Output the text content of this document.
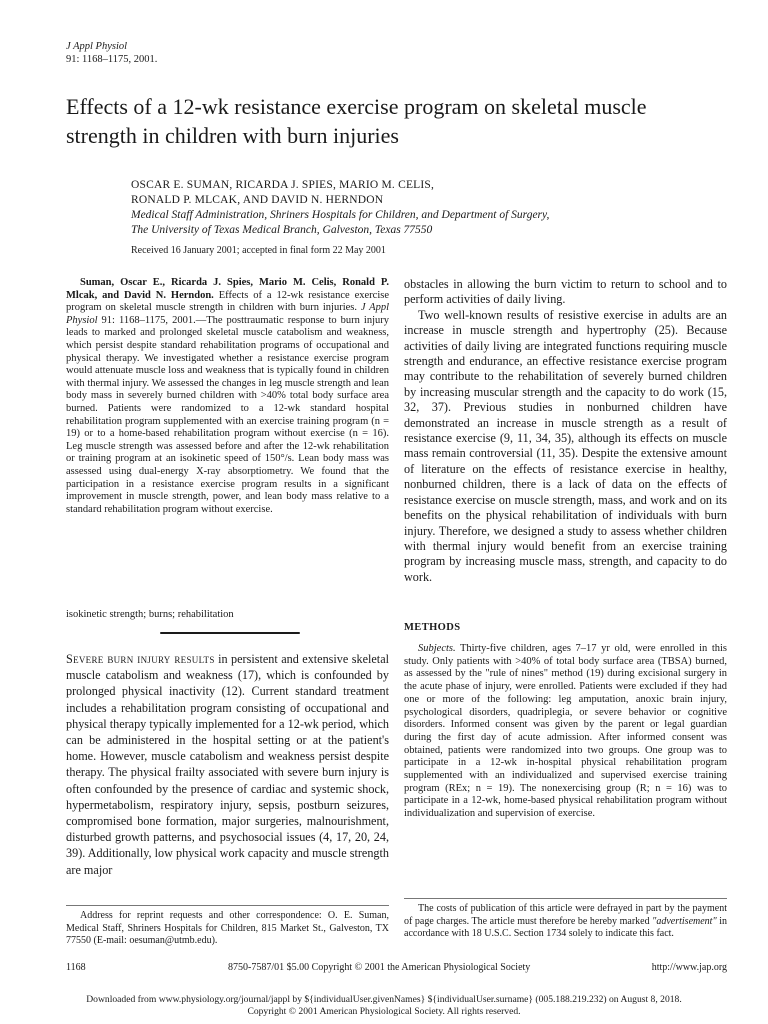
J Appl Physiol
91: 1168–1175, 2001.
Effects of a 12-wk resistance exercise program on skeletal muscle strength in children with burn injuries
OSCAR E. SUMAN, RICARDA J. SPIES, MARIO M. CELIS,
RONALD P. MLCAK, AND DAVID N. HERNDON
Medical Staff Administration, Shriners Hospitals for Children, and Department of Surgery,
The University of Texas Medical Branch, Galveston, Texas 77550
Received 16 January 2001; accepted in final form 22 May 2001

Suman, Oscar E., Ricarda J. Spies, Mario M. Celis, Ronald P. Mlcak, and David N. Herndon. Effects of a 12-wk resistance exercise program on skeletal muscle strength in children with burn injuries. J Appl Physiol 91: 1168–1175, 2001.—The posttraumatic response to burn injury leads to marked and prolonged skeletal muscle catabolism and weakness, which persist despite standard rehabilitation programs of occupational and physical therapy. We investigated whether a resistance exercise program would attenuate muscle loss and weakness that is typically found in children with thermal injury. We assessed the changes in leg muscle strength and lean body mass in severely burned children with >40% total body surface area burned. Patients were randomized to a 12-wk standard hospital rehabilitation program supplemented with an exercise training program (n = 19) or to a home-based rehabilitation program without exercise (n = 16). Leg muscle strength was assessed before and after the 12-wk rehabilitation or training program at an isokinetic speed of 150°/s. Lean body mass was assessed using dual-energy X-ray absorptiometry. We found that the participation in a resistance exercise program results in a significant improvement in muscle strength, power, and lean body mass relative to a standard rehabilitation program without exercise.

isokinetic strength; burns; rehabilitation

Severe burn injury results in persistent and extensive skeletal muscle catabolism and weakness (17), which is confounded by prolonged physical inactivity (12). Current standard treatment includes a rehabilitation program consisting of occupational and physical therapy typically implemented for a 12-wk period, which can be administered in the hospital setting or at the patient's home. However, muscle catabolism and weakness persist despite therapy. The physical frailty associated with severe burn injury is often confounded by the presence of cardiac and systemic shock, hypermetabolism, respiratory injury, sepsis, postburn seizures, compromised bone formation, major surgeries, malnourishment, disturbed growth patterns, and psychosocial issues (4, 17, 20, 24, 39). Additionally, low physical work capacity and muscle strength are major

Address for reprint requests and other correspondence: O. E. Suman, Medical Staff, Shriners Hospitals for Children, 815 Market St., Galveston, TX 77550 (E-mail: oesuman@utmb.edu).

obstacles in allowing the burn victim to return to school and to perform activities of daily living.

Two well-known results of resistive exercise in adults are an increase in muscle strength and hypertrophy (25). Because activities of daily living are integrated functions requiring muscle strength and endurance, an effective resistance exercise program may contribute to the rehabilitation of severely burned children by increasing muscular strength and the capacity to do work (15, 32, 37). Previous studies in nonburned children have demonstrated an increase in muscle strength as a result of resistance exercise (9, 11, 34, 35), although its effects on muscle mass remain controversial (11, 35). Despite the extensive amount of literature on the effects of resistance exercise in healthy, nonburned children, there is a lack of data on the effects of resistance exercise on muscle strength, mass, and work and on its benefits on the physical rehabilitation of individuals with burn injury. Therefore, we designed a study to assess whether children with thermal injury would benefit from an exercise training program by increasing muscle mass, strength, and capacity to do work.

METHODS

Subjects. Thirty-five children, ages 7–17 yr old, were enrolled in this study. Only patients with >40% of total body surface area (TBSA) burned, as assessed by the "rule of nines" method (19) during excisional surgery in the acute phase of injury, were enrolled. Patients were excluded if they had one or more of the following: leg amputation, anoxic brain injury, psychological disorders, quadriplegia, or severe behavior or cognitive disorders. Informed consent was given by the parent or legal guardian during the first day of acute admission. After informed consent was obtained, patients were randomized into two groups. One group was to participate in a 12-wk in-hospital physical rehabilitation program supplemented with an individualized and supervised exercise training program (REx; n = 19). The nonexercising group (R; n = 16) was to participate in a 12-wk, home-based physical rehabilitation program without individualization and supervision of exercise.

The costs of publication of this article were defrayed in part by the payment of page charges. The article must therefore be hereby marked "advertisement" in accordance with 18 U.S.C. Section 1734 solely to indicate this fact.

1168	8750-7587/01 $5.00 Copyright © 2001 the American Physiological Society	http://www.jap.org
Downloaded from www.physiology.org/journal/jappl by ${individualUser.givenNames} ${individualUser.surname} (005.188.219.232) on August 8, 2018.
Copyright © 2001 American Physiological Society. All rights reserved.
